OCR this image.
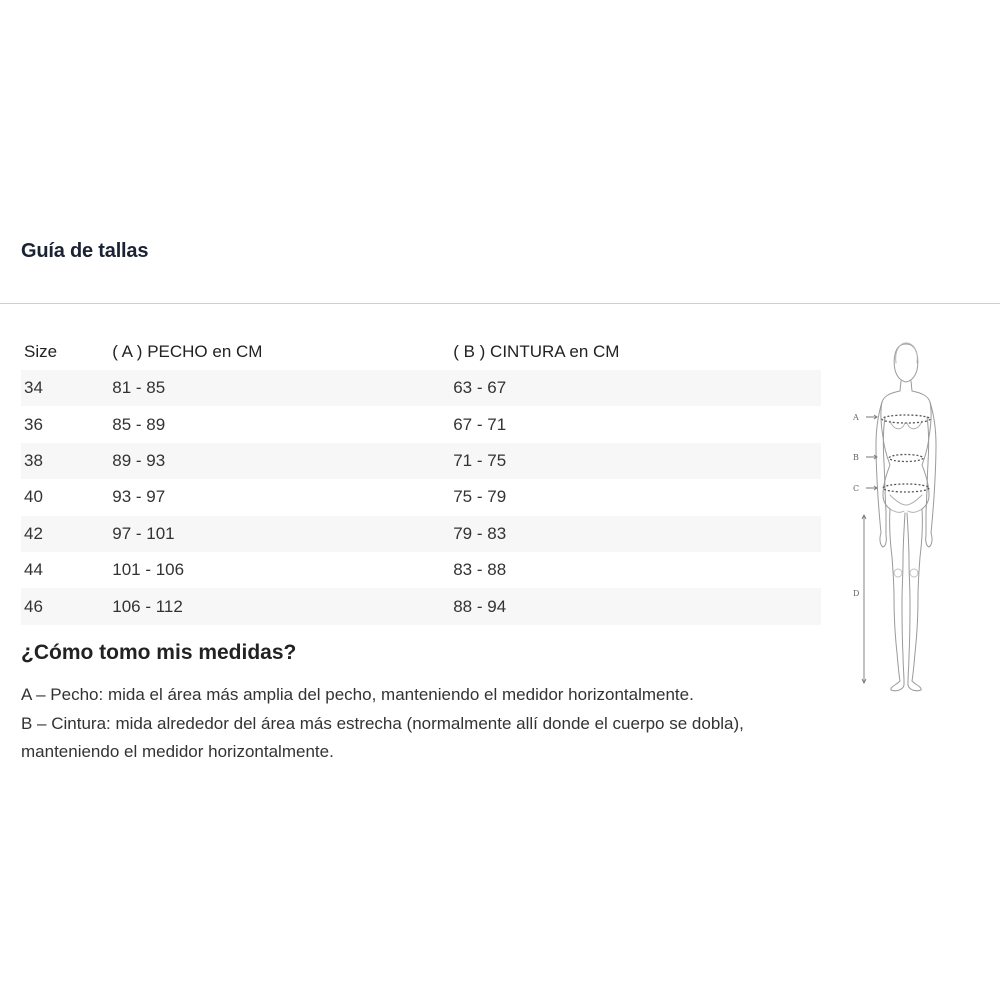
Guía de tallas
Size	( A ) PECHO en CM	( B ) CINTURA en CM
34	81 - 85	63 - 67
36	85 - 89	67 - 71
38	89 - 93	71 - 75
40	93 - 97	75 - 79
42	97 - 101	79 - 83
44	101 - 106	83 - 88
46	106 - 112	88 - 94
¿Cómo tomo mis medidas?

A – Pecho: mida el área más amplia del pecho, manteniendo el medidor horizontalmente.

B – Cintura: mida alrededor del área más estrecha (normalmente allí donde el cuerpo se dobla), manteniendo el medidor horizontalmente.

A
B
C
D
